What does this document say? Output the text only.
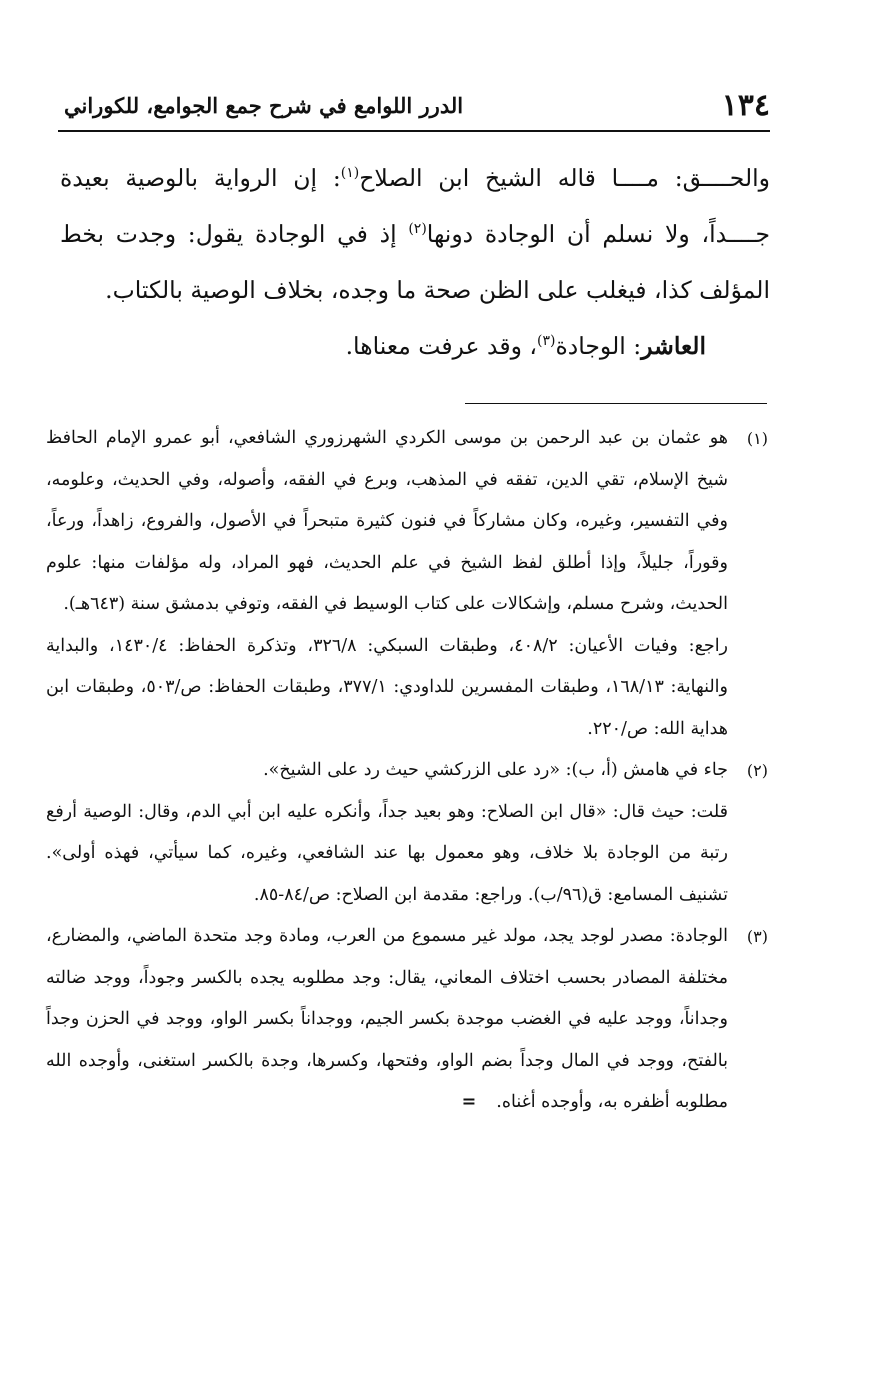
١٣٤
الدرر اللوامع في شرح جمع الجوامع، للكوراني

والحــــق: مــــا قاله الشيخ ابن الصلاح$^{(١)}$: إن الرواية بالوصية بعيدة جــــداً، ولا نسلم أن الوجادة دونها$^{(٢)}$ إذ في الوجادة يقول: وجدت بخط المؤلف كذا، فيغلب على الظن صحة ما وجده، بخلاف الوصية بالكتاب.

العاشر: الوجادة$^{(٣)}$، وقد عرفت معناها.

(١)

هو عثمان بن عبد الرحمن بن موسى الكردي الشهرزوري الشافعي، أبو عمرو الإمام الحافظ شيخ الإسلام، تقي الدين، تفقه في المذهب، وبرع في الفقه، وأصوله، وفي الحديث، وعلومه، وفي التفسير، وغيره، وكان مشاركاً في فنون كثيرة متبحراً في الأصول، والفروع، زاهداً، ورعاً، وقوراً، جليلاً، وإذا أطلق لفظ الشيخ في علم الحديث، فهو المراد، وله مؤلفات منها: علوم الحديث، وشرح مسلم، وإشكالات على كتاب الوسيط في الفقه، وتوفي بدمشق سنة (٦٤٣هـ).

راجع: وفيات الأعيان: ٤٠٨/٢، وطبقات السبكي: ٣٢٦/٨، وتذكرة الحفاظ: ١٤٣٠/٤، والبداية والنهاية: ١٦٨/١٣، وطبقات المفسرين للداودي: ٣٧٧/١، وطبقات الحفاظ: ص/٥٠٣، وطبقات ابن هداية الله: ص/٢٢٠.

(٢)

جاء في هامش (أ، ب): «رد على الزركشي حيث رد على الشيخ».

قلت: حيث قال: «قال ابن الصلاح: وهو بعيد جداً، وأنكره عليه ابن أبي الدم، وقال: الوصية أرفع رتبة من الوجادة بلا خلاف، وهو معمول بها عند الشافعي، وغيره، كما سيأتي، فهذه أولى». تشنيف المسامع: ق(٩٦/ب). وراجع: مقدمة ابن الصلاح: ص/٨٤-٨٥.

(٣)

الوجادة: مصدر لوجد يجد، مولد غير مسموع من العرب، ومادة وجد متحدة الماضي، والمضارع، مختلفة المصادر بحسب اختلاف المعاني، يقال: وجد مطلوبه يجده بالكسر وجوداً، ووجد ضالته وجداناً، ووجد عليه في الغضب موجدة بكسر الجيم، ووجداناً بكسر الواو، ووجد في الحزن وجداً بالفتح، ووجد في المال وجداً بضم الواو، وفتحها، وكسرها، وجدة بالكسر استغنى، وأوجده الله مطلوبه أظفره به، وأوجده أغناه.=
